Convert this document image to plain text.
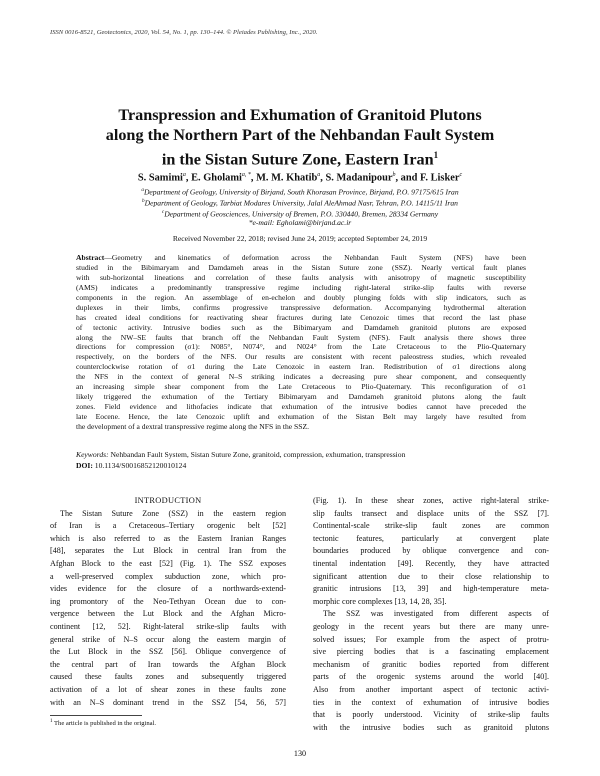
ISSN 0016-8521, Geotectonics, 2020, Vol. 54, No. 1, pp. 130–144. © Pleiades Publishing, Inc., 2020.
Transpression and Exhumation of Granitoid Plutons
along the Northern Part of the Nehbandan Fault System
in the Sistan Suture Zone, Eastern Iran$^1$
S. Samimi$^a$, E. Gholami$^{a, *}$, M. M. Khatib$^a$, S. Madanipour$^b$, and F. Lisker$^c$
$^a$Department of Geology, University of Birjand, South Khorasan Province, Birjand, P.O. 97175/615 Iran
$^b$Department of Geology, Tarbiat Modares University, Jalal AleAhmad Nasr, Tehran, P.O. 14115/11 Iran
$^c$Department of Geosciences, University of Bremen, P.O. 330440, Bremen, 28334 Germany
*e-mail: Egholami@birjand.ac.ir
Received November 22, 2018; revised June 24, 2019; accepted September 24, 2019
Abstract—Geometry and kinematics of deformation across the Nehbandan Fault System (NFS) have been
studied in the Bibimaryam and Damdameh areas in the Sistan Suture zone (SSZ). Nearly vertical fault planes
with sub-horizontal lineations and correlation of these faults analysis with anisotropy of magnetic susceptibility
(AMS) indicates a predominantly transpressive regime including right-lateral strike-slip faults with reverse
components in the region. An assemblage of en-echelon and doubly plunging folds with slip indicators, such as
duplexes in their limbs, confirms progressive transpressive deformation. Accompanying hydrothermal alteration
has created ideal conditions for reactivating shear fractures during late Cenozoic times that record the last phase
of tectonic activity. Intrusive bodies such as the Bibimaryam and Damdameh granitoid plutons are exposed
along the NW–SE faults that branch off the Nehbandan Fault System (NFS). Fault analysis there shows three
directions for compression (σ1): N085°, N074°, and N024° from the Late Cretaceous to the Plio-Quaternary
respectively, on the borders of the NFS. Our results are consistent with recent paleostress studies, which revealed
counterclockwise rotation of σ1 during the Late Cenozoic in eastern Iran. Redistribution of σ1 directions along
the NFS in the context of general N–S striking indicates a decreasing pure shear component, and consequently
an increasing simple shear component from the Late Cretaceous to Plio-Quaternary. This reconfiguration of σ1
likely triggered the exhumation of the Tertiary Bibimaryam and Damdameh granitoid plutons along the fault
zones. Field evidence and lithofacies indicate that exhumation of the intrusive bodies cannot have preceded the
late Eocene. Hence, the late Cenozoic uplift and exhumation of the Sistan Belt may largely have resulted from
the development of a dextral transpressive regime along the NFS in the SSZ.
Keywords: Nehbandan Fault System, Sistan Suture Zone, granitoid, compression, exhumation, transpression
DOI: 10.1134/S0016852120010124
INTRODUCTION
The Sistan Suture Zone (SSZ) in the eastern region
of Iran is a Cretaceous–Tertiary orogenic belt [52]
which is also referred to as the Eastern Iranian Ranges
[48], separates the Lut Block in central Iran from the
Afghan Block to the east [52] (Fig. 1). The SSZ exposes
a well-preserved complex subduction zone, which pro-
vides evidence for the closure of a northwards-extend-
ing promontory of the Neo-Tethyan Ocean due to con-
vergence between the Lut Block and the Afghan Micro-
continent [12, 52]. Right-lateral strike-slip faults with
general strike of N–S occur along the eastern margin of
the Lut Block in the SSZ [56]. Oblique convergence of
the central part of Iran towards the Afghan Block
caused these faults zones and subsequently triggered
activation of a lot of shear zones in these faults zone
with an N–S dominant trend in the SSZ [54, 56, 57]
(Fig. 1). In these shear zones, active right-lateral strike-
slip faults transect and displace units of the SSZ [7].
Continental-scale strike-slip fault zones are common
tectonic features, particularly at convergent plate
boundaries produced by oblique convergence and con-
tinental indentation [49]. Recently, they have attracted
significant attention due to their close relationship to
granitic intrusions [13, 39] and high-temperature meta-
morphic core complexes [13, 14, 28, 35].
The SSZ was investigated from different aspects of
geology in the recent years but there are many unre-
solved issues; For example from the aspect of protru-
sive piercing bodies that is a fascinating emplacement
mechanism of granitic bodies reported from different
parts of the orogenic systems around the world [40].
Also from another important aspect of tectonic activi-
ties in the context of exhumation of intrusive bodies
that is poorly understood. Vicinity of strike-slip faults
with the intrusive bodies such as granitoid plutons
$^1$ The article is published in the original.
130
